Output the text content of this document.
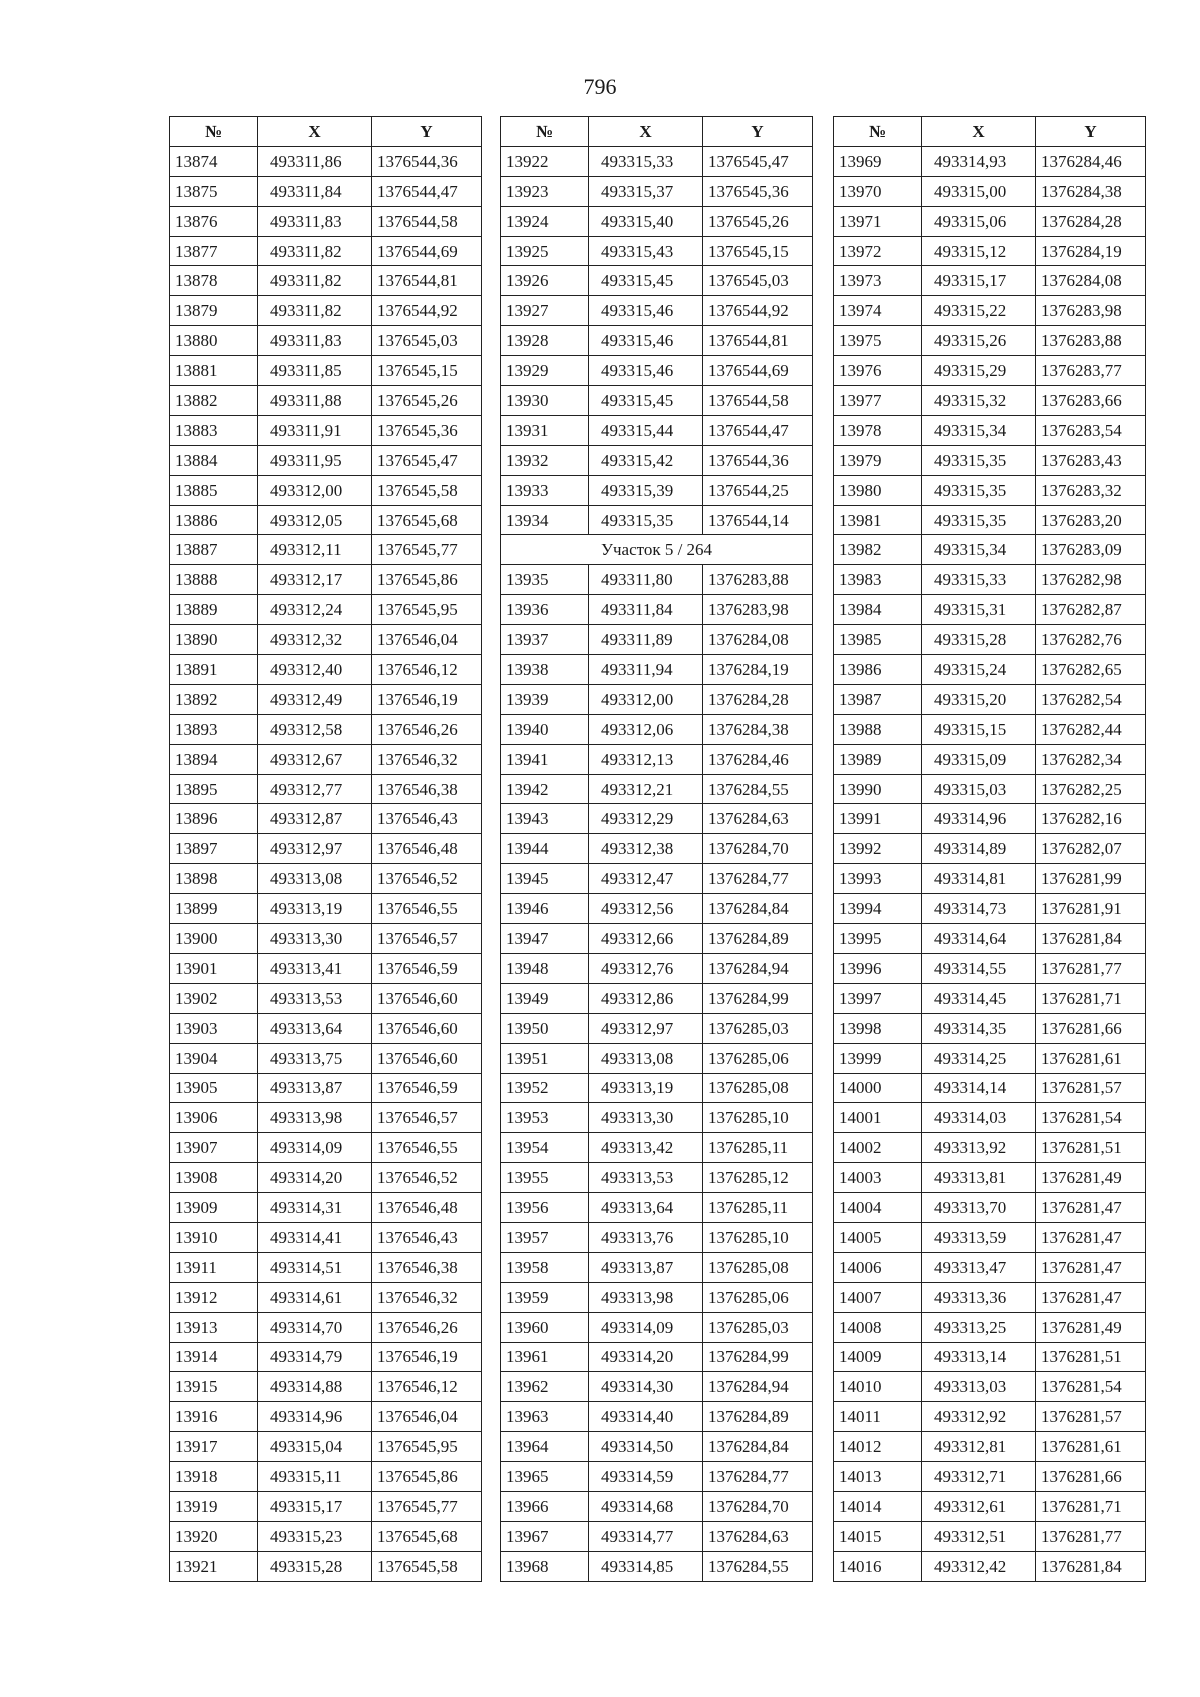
796
№	X	Y
13874	493311,86	1376544,36
13875	493311,84	1376544,47
13876	493311,83	1376544,58
13877	493311,82	1376544,69
13878	493311,82	1376544,81
13879	493311,82	1376544,92
13880	493311,83	1376545,03
13881	493311,85	1376545,15
13882	493311,88	1376545,26
13883	493311,91	1376545,36
13884	493311,95	1376545,47
13885	493312,00	1376545,58
13886	493312,05	1376545,68
13887	493312,11	1376545,77
13888	493312,17	1376545,86
13889	493312,24	1376545,95
13890	493312,32	1376546,04
13891	493312,40	1376546,12
13892	493312,49	1376546,19
13893	493312,58	1376546,26
13894	493312,67	1376546,32
13895	493312,77	1376546,38
13896	493312,87	1376546,43
13897	493312,97	1376546,48
13898	493313,08	1376546,52
13899	493313,19	1376546,55
13900	493313,30	1376546,57
13901	493313,41	1376546,59
13902	493313,53	1376546,60
13903	493313,64	1376546,60
13904	493313,75	1376546,60
13905	493313,87	1376546,59
13906	493313,98	1376546,57
13907	493314,09	1376546,55
13908	493314,20	1376546,52
13909	493314,31	1376546,48
13910	493314,41	1376546,43
13911	493314,51	1376546,38
13912	493314,61	1376546,32
13913	493314,70	1376546,26
13914	493314,79	1376546,19
13915	493314,88	1376546,12
13916	493314,96	1376546,04
13917	493315,04	1376545,95
13918	493315,11	1376545,86
13919	493315,17	1376545,77
13920	493315,23	1376545,68
13921	493315,28	1376545,58
№	X	Y
13922	493315,33	1376545,47
13923	493315,37	1376545,36
13924	493315,40	1376545,26
13925	493315,43	1376545,15
13926	493315,45	1376545,03
13927	493315,46	1376544,92
13928	493315,46	1376544,81
13929	493315,46	1376544,69
13930	493315,45	1376544,58
13931	493315,44	1376544,47
13932	493315,42	1376544,36
13933	493315,39	1376544,25
13934	493315,35	1376544,14
Участок 5 / 264		
13935	493311,80	1376283,88
13936	493311,84	1376283,98
13937	493311,89	1376284,08
13938	493311,94	1376284,19
13939	493312,00	1376284,28
13940	493312,06	1376284,38
13941	493312,13	1376284,46
13942	493312,21	1376284,55
13943	493312,29	1376284,63
13944	493312,38	1376284,70
13945	493312,47	1376284,77
13946	493312,56	1376284,84
13947	493312,66	1376284,89
13948	493312,76	1376284,94
13949	493312,86	1376284,99
13950	493312,97	1376285,03
13951	493313,08	1376285,06
13952	493313,19	1376285,08
13953	493313,30	1376285,10
13954	493313,42	1376285,11
13955	493313,53	1376285,12
13956	493313,64	1376285,11
13957	493313,76	1376285,10
13958	493313,87	1376285,08
13959	493313,98	1376285,06
13960	493314,09	1376285,03
13961	493314,20	1376284,99
13962	493314,30	1376284,94
13963	493314,40	1376284,89
13964	493314,50	1376284,84
13965	493314,59	1376284,77
13966	493314,68	1376284,70
13967	493314,77	1376284,63
13968	493314,85	1376284,55
№	X	Y
13969	493314,93	1376284,46
13970	493315,00	1376284,38
13971	493315,06	1376284,28
13972	493315,12	1376284,19
13973	493315,17	1376284,08
13974	493315,22	1376283,98
13975	493315,26	1376283,88
13976	493315,29	1376283,77
13977	493315,32	1376283,66
13978	493315,34	1376283,54
13979	493315,35	1376283,43
13980	493315,35	1376283,32
13981	493315,35	1376283,20
13982	493315,34	1376283,09
13983	493315,33	1376282,98
13984	493315,31	1376282,87
13985	493315,28	1376282,76
13986	493315,24	1376282,65
13987	493315,20	1376282,54
13988	493315,15	1376282,44
13989	493315,09	1376282,34
13990	493315,03	1376282,25
13991	493314,96	1376282,16
13992	493314,89	1376282,07
13993	493314,81	1376281,99
13994	493314,73	1376281,91
13995	493314,64	1376281,84
13996	493314,55	1376281,77
13997	493314,45	1376281,71
13998	493314,35	1376281,66
13999	493314,25	1376281,61
14000	493314,14	1376281,57
14001	493314,03	1376281,54
14002	493313,92	1376281,51
14003	493313,81	1376281,49
14004	493313,70	1376281,47
14005	493313,59	1376281,47
14006	493313,47	1376281,47
14007	493313,36	1376281,47
14008	493313,25	1376281,49
14009	493313,14	1376281,51
14010	493313,03	1376281,54
14011	493312,92	1376281,57
14012	493312,81	1376281,61
14013	493312,71	1376281,66
14014	493312,61	1376281,71
14015	493312,51	1376281,77
14016	493312,42	1376281,84
